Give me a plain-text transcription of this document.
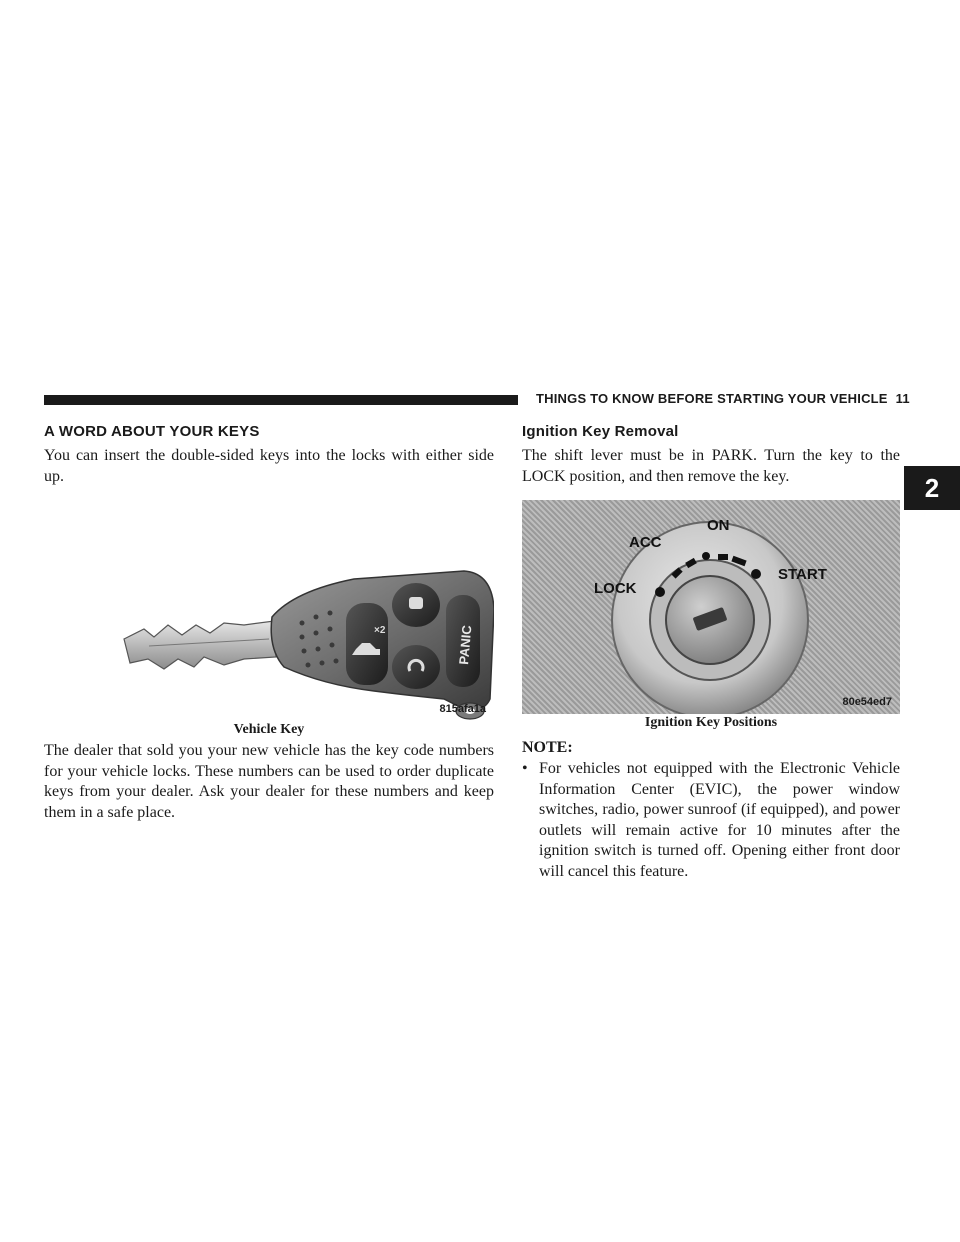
THINGS TO KNOW BEFORE STARTING YOUR VEHICLE 11
2
A WORD ABOUT YOUR KEYS

You can insert the double-sided keys into the locks with either side up.

×2	PANIC
815afa1a
Vehicle Key

The dealer that sold you your new vehicle has the key code numbers for your vehicle locks. These numbers can be used to order duplicate keys from your dealer. Ask your dealer for these numbers and keep them in a safe place.

Ignition Key Removal

The shift lever must be in PARK. Turn the key to the LOCK position, and then remove the key.

LOCK
ACC
ON
START
80e54ed7
Ignition Key Positions
NOTE:
• For vehicles not equipped with the Electronic Vehicle Information Center (EVIC), the power window switches, radio, power sunroof (if equipped), and power outlets will remain active for 10 minutes after the ignition switch is turned off. Opening either front door will cancel this feature.
